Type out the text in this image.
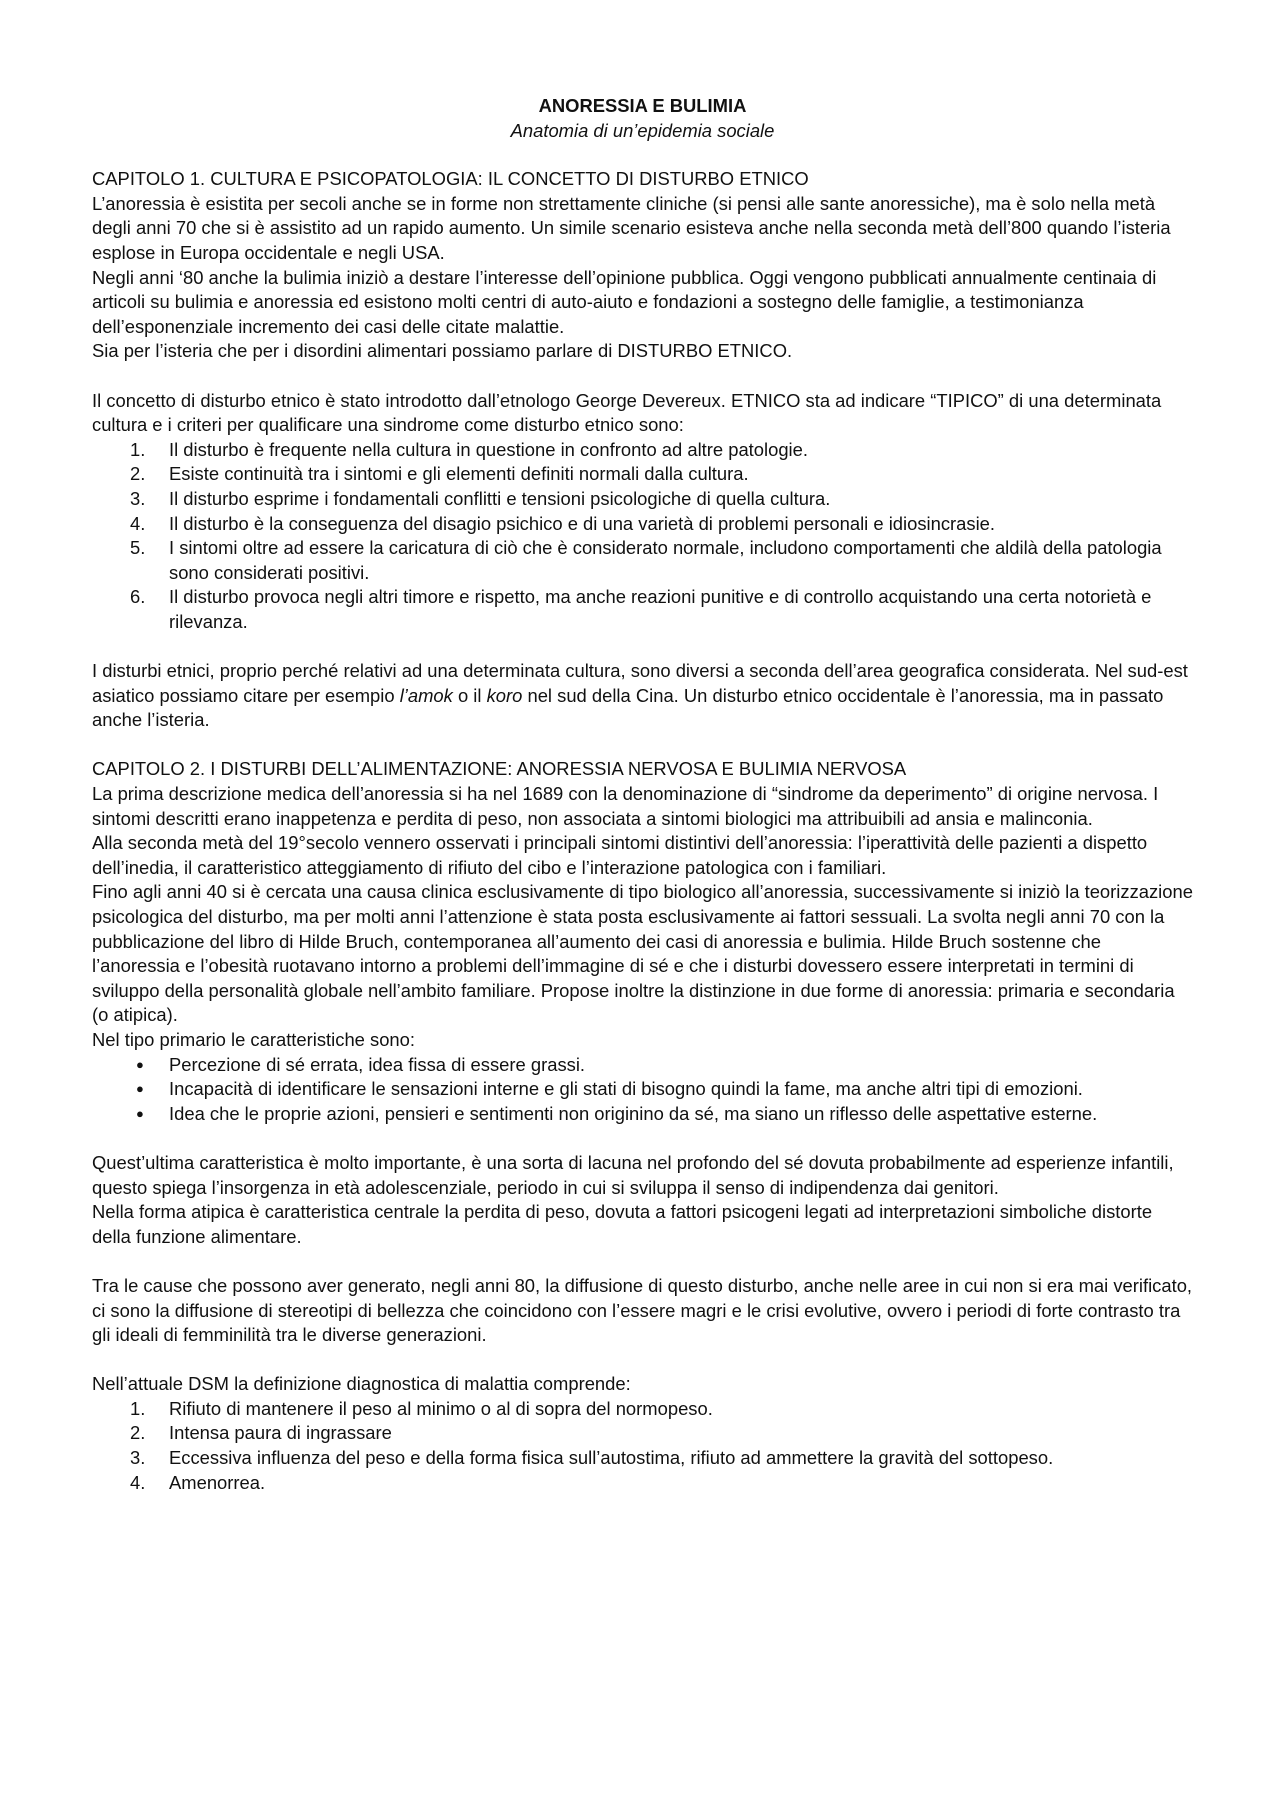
ANORESSIA E BULIMIA

Anatomia di un’epidemia sociale

CAPITOLO 1. CULTURA E PSICOPATOLOGIA: IL CONCETTO DI DISTURBO ETNICO

L’anoressia è esistita per secoli anche se in forme non strettamente cliniche (si pensi alle sante anoressiche), ma è solo nella metà degli anni 70 che si è assistito ad un rapido aumento. Un simile scenario esisteva anche nella seconda metà dell’800 quando l’isteria esplose in Europa occidentale e negli USA.

Negli anni ‘80 anche la bulimia iniziò a destare l’interesse dell’opinione pubblica. Oggi vengono pubblicati annualmente centinaia di articoli su bulimia e anoressia ed esistono molti centri di auto-aiuto e fondazioni a sostegno delle famiglie, a testimonianza dell’esponenziale incremento dei casi delle citate malattie.

Sia per l’isteria che per i disordini alimentari possiamo parlare di DISTURBO ETNICO.

Il concetto di disturbo etnico è stato introdotto dall’etnologo George Devereux. ETNICO sta ad indicare “TIPICO” di una determinata cultura e i criteri per qualificare una sindrome come disturbo etnico sono:

1.	Il disturbo è frequente nella cultura in questione in confronto ad altre patologie.
2.	Esiste continuità tra i sintomi e gli elementi definiti normali dalla cultura.
3.	Il disturbo esprime i fondamentali conflitti e tensioni psicologiche di quella cultura.
4.	Il disturbo è la conseguenza del disagio psichico e di una varietà di problemi personali e idiosincrasie.
5.	I sintomi oltre ad essere la caricatura di ciò che è considerato normale, includono comportamenti che aldilà della patologia sono considerati positivi.
6.	Il disturbo provoca negli altri timore e rispetto, ma anche reazioni punitive e di controllo acquistando una certa notorietà e rilevanza.

I disturbi etnici, proprio perché relativi ad una determinata cultura, sono diversi a seconda dell’area geografica considerata. Nel sud-est asiatico possiamo citare per esempio l’amok o il koro nel sud della Cina. Un disturbo etnico occidentale è l’anoressia, ma in passato anche l’isteria.

CAPITOLO 2. I DISTURBI DELL’ALIMENTAZIONE: ANORESSIA NERVOSA E BULIMIA NERVOSA

La prima descrizione medica dell’anoressia si ha nel 1689 con la denominazione di “sindrome da deperimento” di origine nervosa. I sintomi descritti erano inappetenza e perdita di peso, non associata a sintomi biologici ma attribuibili ad ansia e malinconia.

Alla seconda metà del 19°secolo vennero osservati i principali sintomi distintivi dell’anoressia: l’iperattività delle pazienti a dispetto dell’inedia, il caratteristico atteggiamento di rifiuto del cibo e l’interazione patologica con i familiari.

Fino agli anni 40 si è cercata una causa clinica esclusivamente di tipo biologico all’anoressia, successivamente si iniziò la teorizzazione psicologica del disturbo, ma per molti anni l’attenzione è stata posta esclusivamente ai fattori sessuali. La svolta negli anni 70 con la pubblicazione del libro di Hilde Bruch, contemporanea all’aumento dei casi di anoressia e bulimia. Hilde Bruch sostenne che l’anoressia e l’obesità ruotavano intorno a problemi dell’immagine di sé e che i disturbi dovessero essere interpretati in termini di sviluppo della personalità globale nell’ambito familiare. Propose inoltre la distinzione in due forme di anoressia: primaria e secondaria (o atipica).

Nel tipo primario le caratteristiche sono:

● Percezione di sé errata, idea fissa di essere grassi.
● Incapacità di identificare le sensazioni interne e gli stati di bisogno quindi la fame, ma anche altri tipi di emozioni.
● Idea che le proprie azioni, pensieri e sentimenti non originino da sé, ma siano un riflesso delle aspettative esterne.

Quest’ultima caratteristica è molto importante, è una sorta di lacuna nel profondo del sé dovuta probabilmente ad esperienze infantili, questo spiega l’insorgenza in età adolescenziale, periodo in cui si sviluppa il senso di indipendenza dai genitori.

Nella forma atipica è caratteristica centrale la perdita di peso, dovuta a fattori psicogeni legati ad interpretazioni simboliche distorte della funzione alimentare.

Tra le cause che possono aver generato, negli anni 80, la diffusione di questo disturbo, anche nelle aree in cui non si era mai verificato, ci sono la diffusione di stereotipi di bellezza che coincidono con l’essere magri e le crisi evolutive, ovvero i periodi di forte contrasto tra gli ideali di femminilità tra le diverse generazioni.

Nell’attuale DSM la definizione diagnostica di malattia comprende:

1.	Rifiuto di mantenere il peso al minimo o al di sopra del normopeso.
2.	Intensa paura di ingrassare
3.	Eccessiva influenza del peso e della forma fisica sull’autostima, rifiuto ad ammettere la gravità del sottopeso.
4.	Amenorrea.
